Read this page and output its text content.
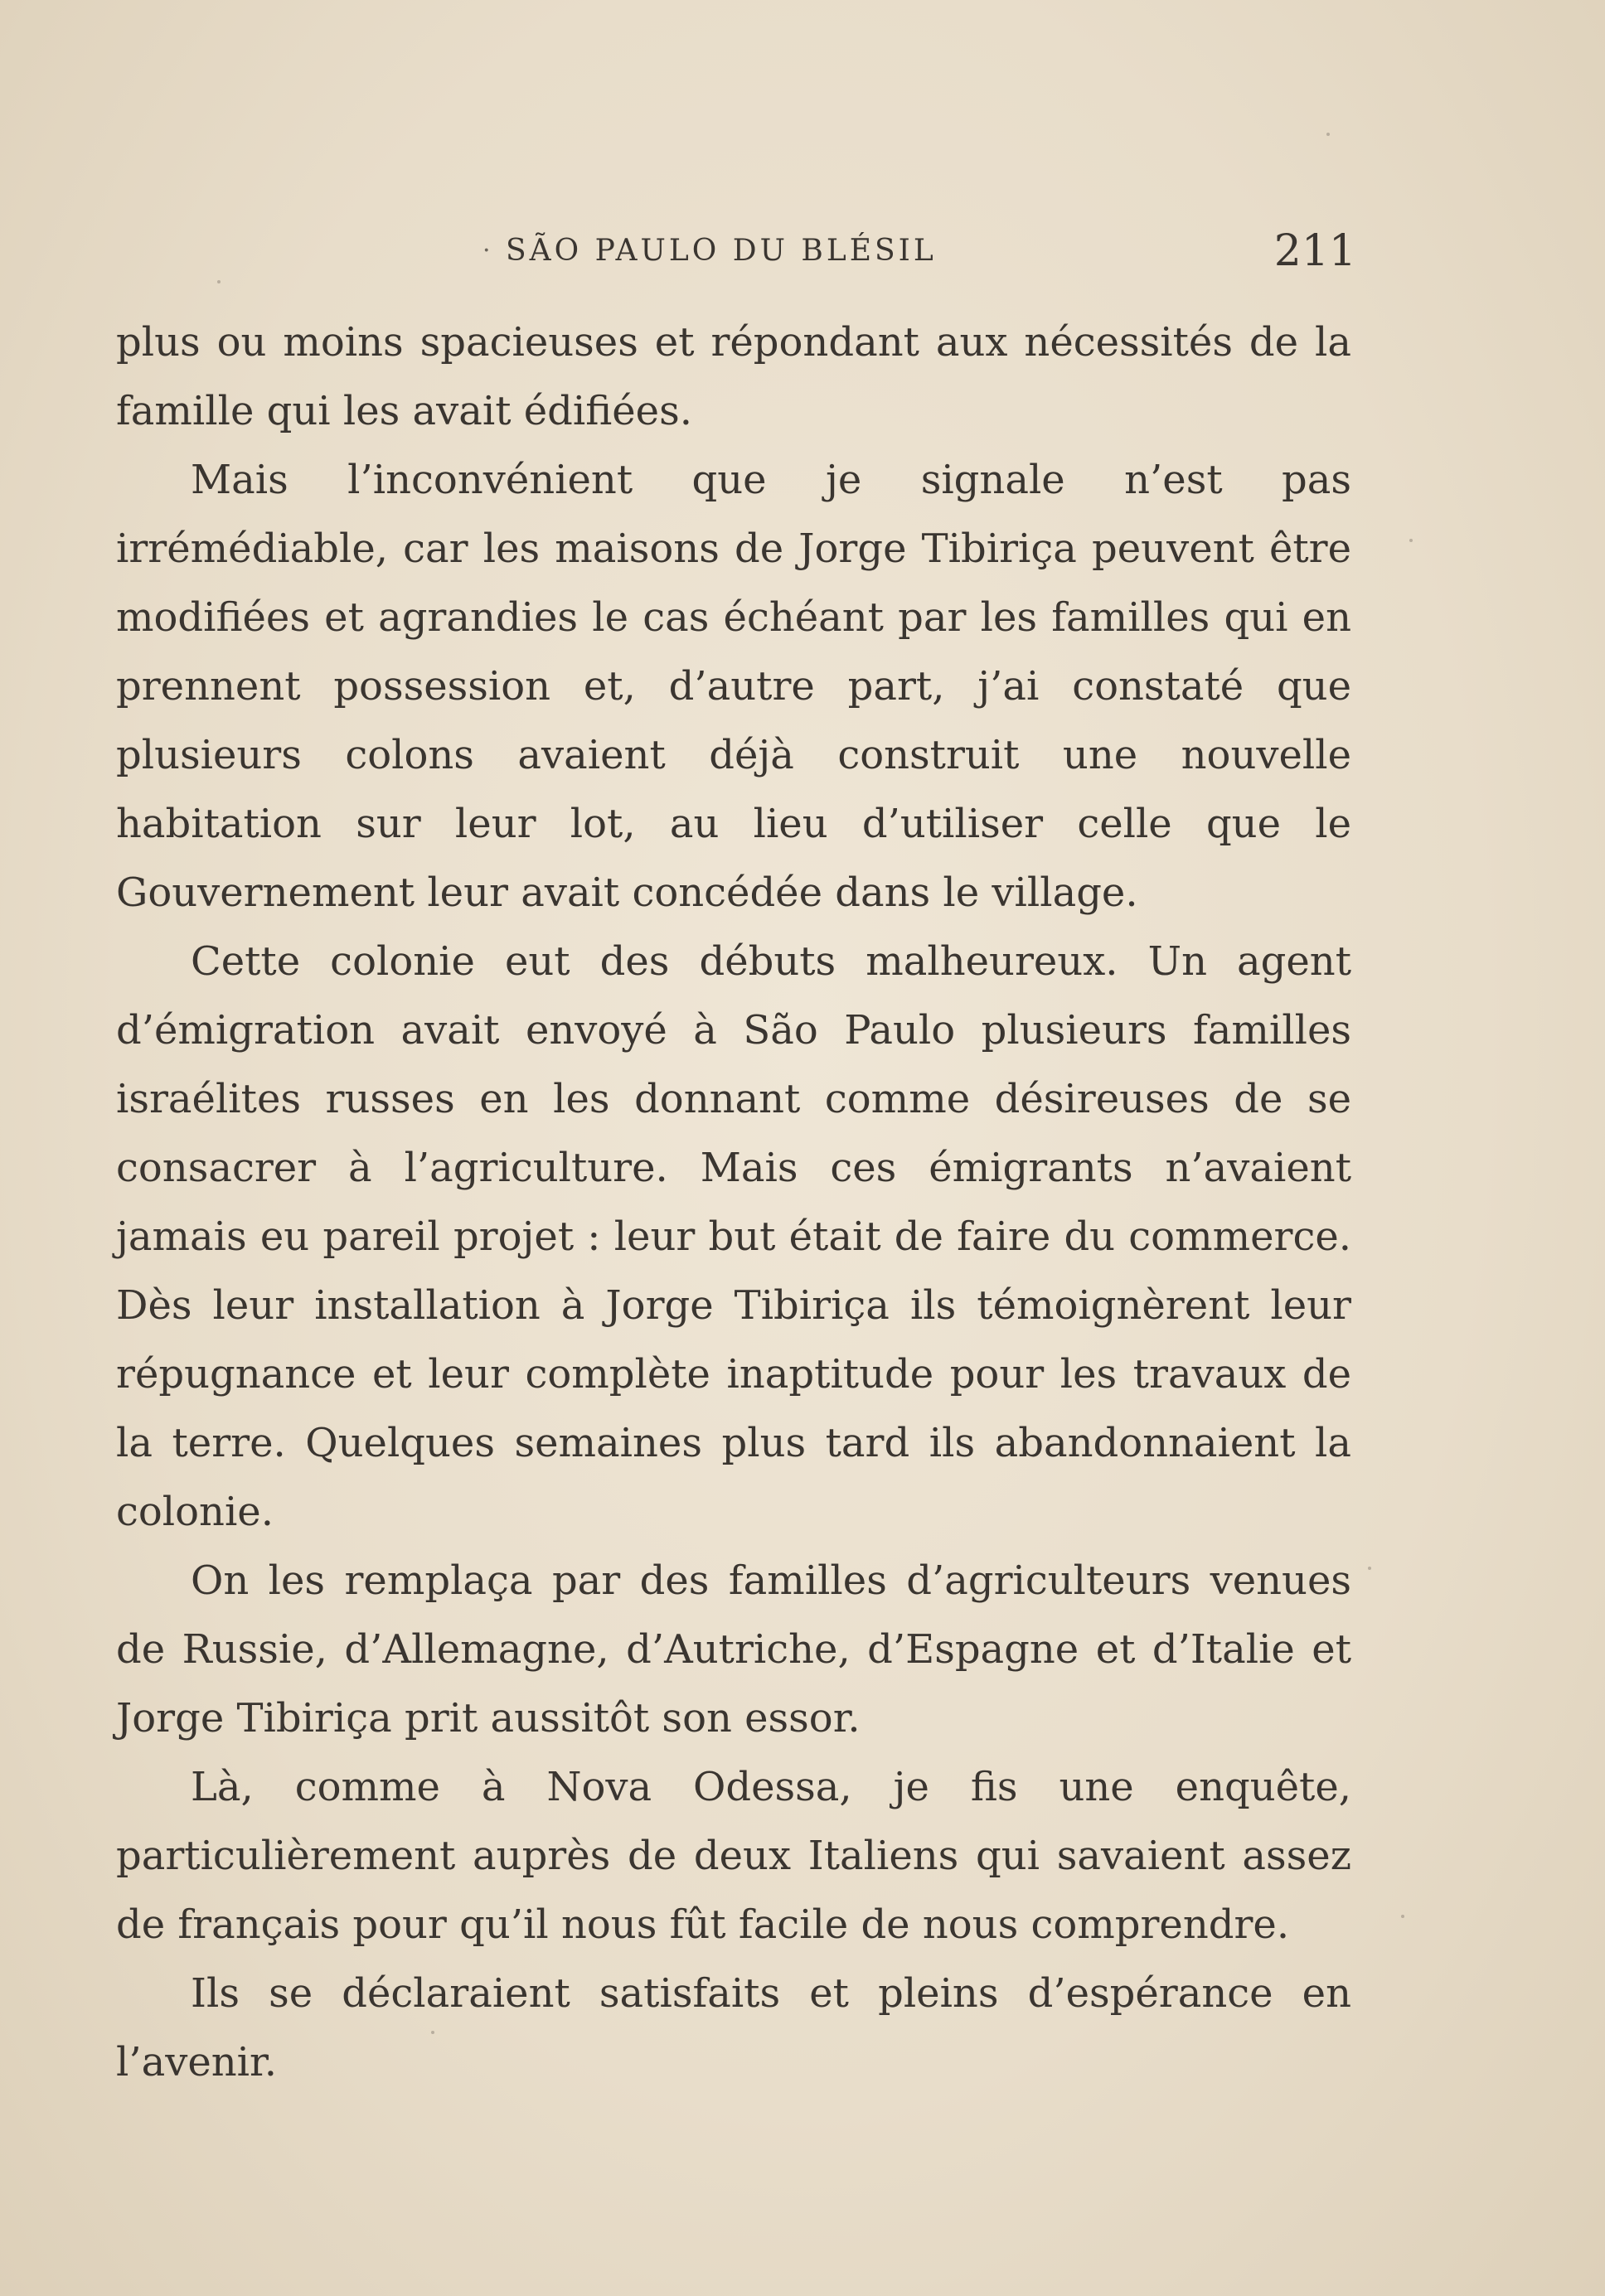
· SÃO PAULO DU BLÉSIL	211

plus ou moins spacieuses et répondant aux nécessités de la famille qui les avait édifiées.

Mais l’inconvénient que je signale n’est pas irrémédiable, car les maisons de Jorge Tibiriça peuvent être modifiées et agrandies le cas échéant par les familles qui en prennent possession et, d’autre part, j’ai constaté que plusieurs colons avaient déjà construit une nouvelle habitation sur leur lot, au lieu d’utiliser celle que le Gouvernement leur avait concédée dans le village.

Cette colonie eut des débuts malheureux. Un agent d’émigration avait envoyé à São Paulo plusieurs familles israélites russes en les donnant comme désireuses de se consacrer à l’agriculture. Mais ces émigrants n’avaient jamais eu pareil projet : leur but était de faire du commerce. Dès leur installation à Jorge Tibiriça ils témoignèrent leur répugnance et leur complète inaptitude pour les travaux de la terre. Quelques semaines plus tard ils abandonnaient la colonie.

On les remplaça par des familles d’agriculteurs venues de Russie, d’Allemagne, d’Autriche, d’Espagne et d’Italie et Jorge Tibiriça prit aussitôt son essor.

Là, comme à Nova Odessa, je fis une enquête, particulièrement auprès de deux Italiens qui savaient assez de français pour qu’il nous fût facile de nous comprendre.

Ils se déclaraient satisfaits et pleins d’espérance en l’avenir.
